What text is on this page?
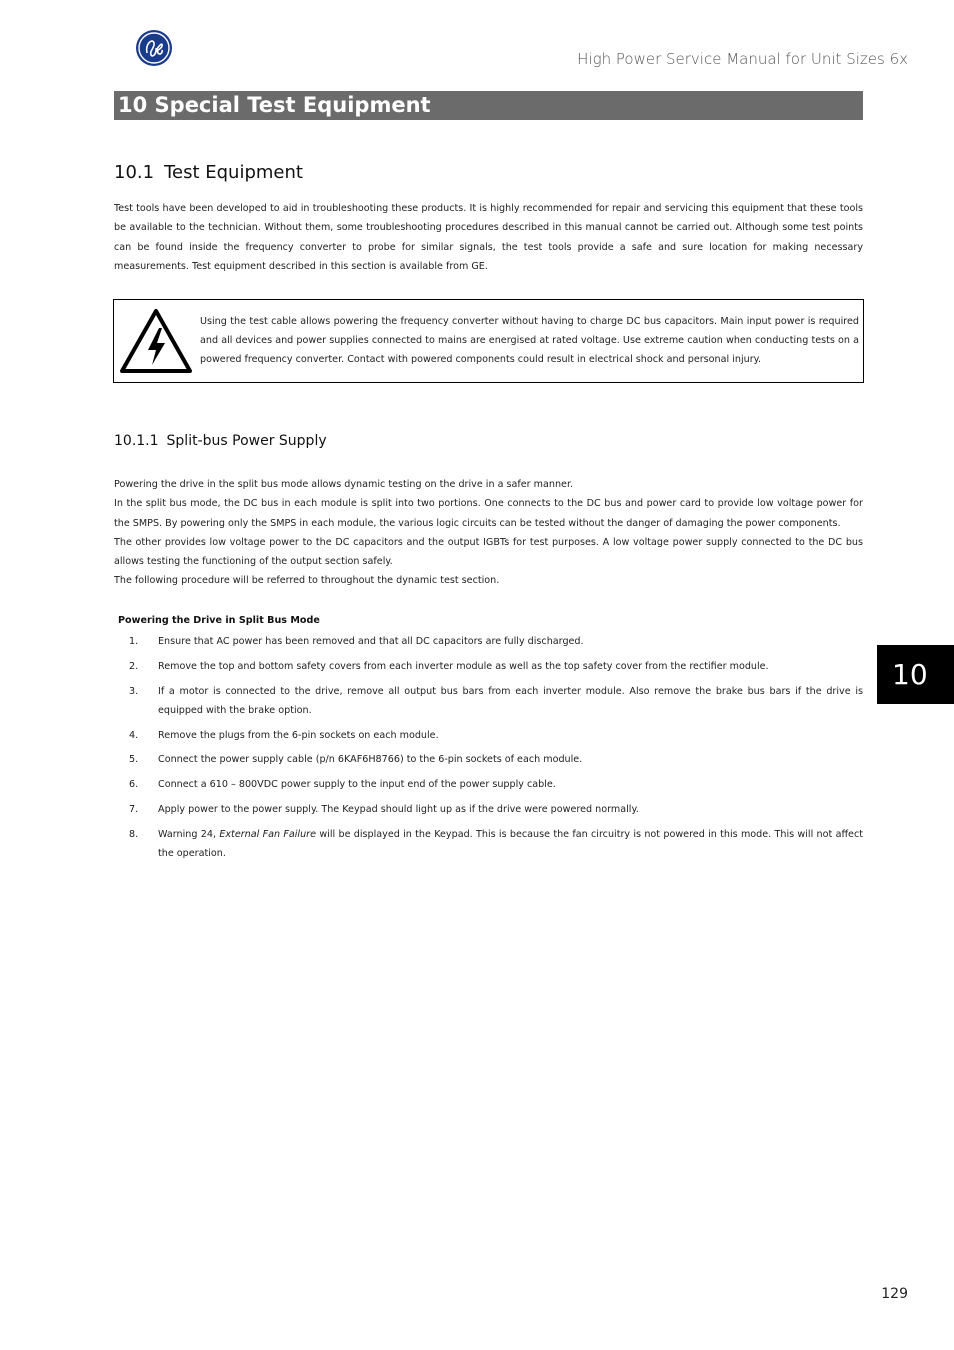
High Power Service Manual for Unit Sizes 6x
10 Special Test Equipment
10.1 Test Equipment

Test tools have been developed to aid in troubleshooting these products. It is highly recommended for repair and servicing this equipment that these tools be available to the technician. Without them, some troubleshooting procedures described in this manual cannot be carried out. Although some test points can be found inside the frequency converter to probe for similar signals, the test tools provide a safe and sure location for making necessary measurements. Test equipment described in this section is available from GE.

Using the test cable allows powering the frequency converter without having to charge DC bus capacitors. Main input power is required and all devices and power supplies connected to mains are energised at rated voltage. Use extreme caution when conducting tests on a powered frequency converter. Contact with powered components could result in electrical shock and personal injury.

10.1.1 Split-bus Power Supply

Powering the drive in the split bus mode allows dynamic testing on the drive in a safer manner.

In the split bus mode, the DC bus in each module is split into two portions. One connects to the DC bus and power card to provide low voltage power for the SMPS. By powering only the SMPS in each module, the various logic circuits can be tested without the danger of damaging the power components.

The other provides low voltage power to the DC capacitors and the output IGBTs for test purposes. A low voltage power supply connected to the DC bus allows testing the functioning of the output section safely.

The following procedure will be referred to throughout the dynamic test section.

Powering the Drive in Split Bus Mode
1.	Ensure that AC power has been removed and that all DC capacitors are fully discharged.
2.	Remove the top and bottom safety covers from each inverter module as well as the top safety cover from the rectifier module.
3.	If a motor is connected to the drive, remove all output bus bars from each inverter module. Also remove the brake bus bars if the drive is equipped with the brake option.
4.	Remove the plugs from the 6-pin sockets on each module.
5.	Connect the power supply cable (p/n 6KAF6H8766) to the 6-pin sockets of each module.
6.	Connect a 610 – 800VDC power supply to the input end of the power supply cable.
7.	Apply power to the power supply. The Keypad should light up as if the drive were powered normally.
8.	Warning 24, External Fan Failure will be displayed in the Keypad. This is because the fan circuitry is not powered in this mode. This will not affect the operation.
10
129
